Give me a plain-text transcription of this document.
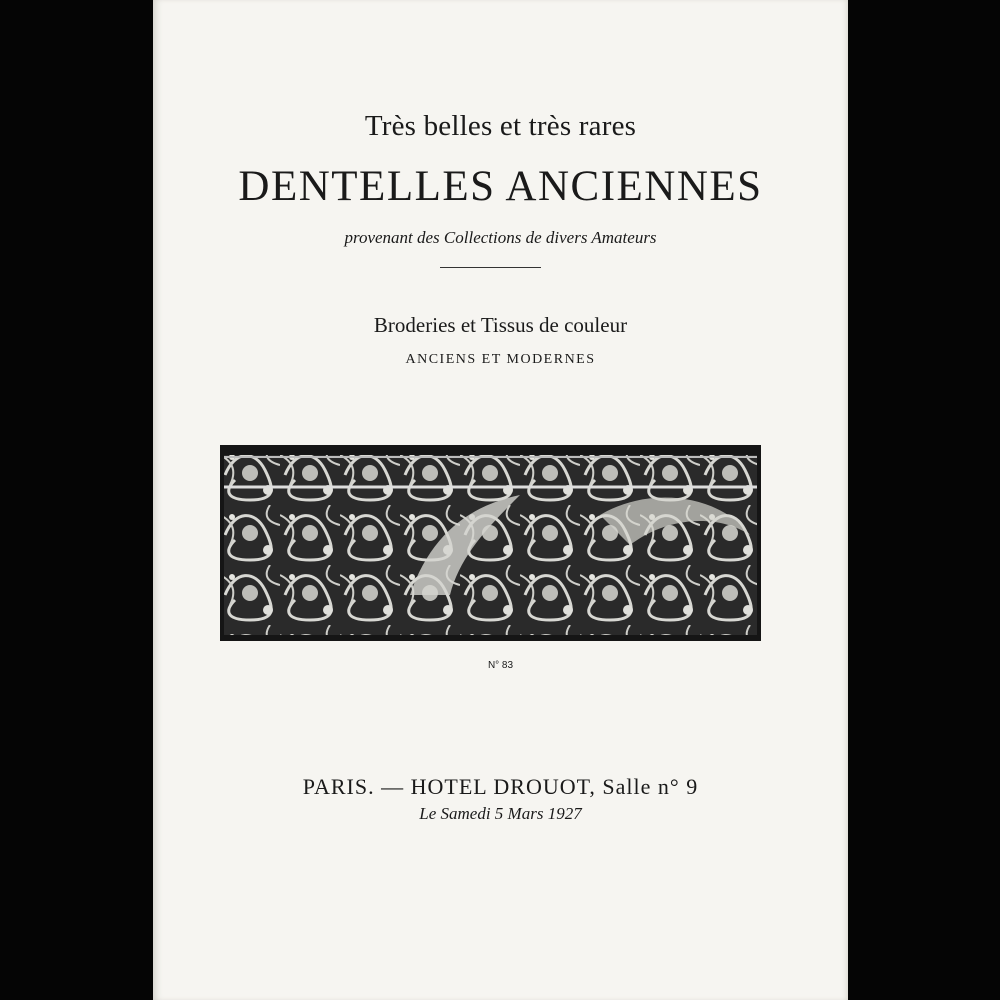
Très belles et très rares
DENTELLES ANCIENNES
provenant des Collections de divers Amateurs
Broderies et Tissus de couleur
ANCIENS ET MODERNES
N° 83
PARIS. — HOTEL DROUOT, Salle n° 9
Le Samedi 5 Mars 1927
